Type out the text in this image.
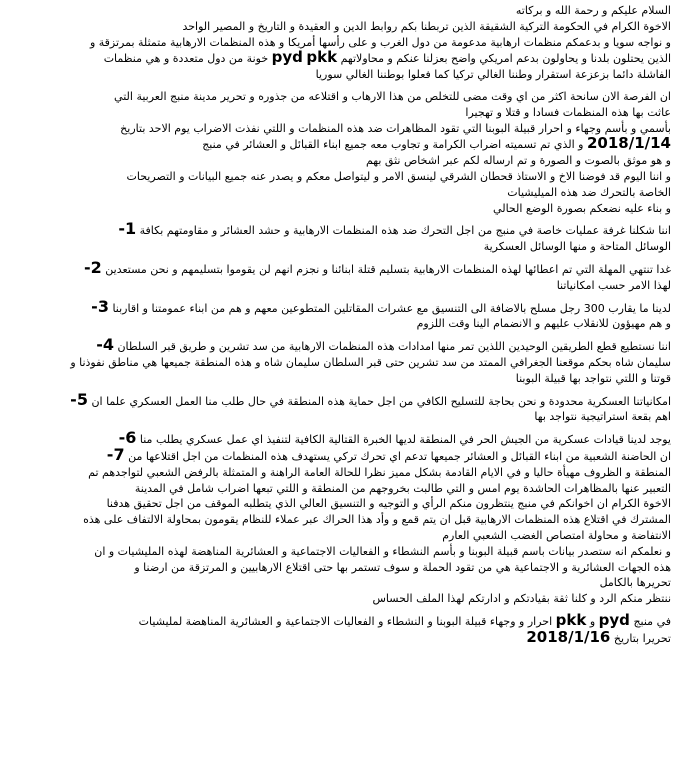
السلام عليكم و رحمة الله و بركاته

الاخوة الكرام في الحكومة التركية الشقيقة الذين تربطنا بكم روابط الدين و العقيدة و التاريخ و المصير الواحد

و نواجه سويا و بدعمكم منظمات ارهابية مدعومة من دول الغرب و على رأسها أمريكا و هذه المنظمات الارهابية متمثلة بمرتزقة و

الذين يحتلون بلدنا و يحاولون بدعم امريكي واضح بعزلنا عنكم و محاولاتهم pyd pkk خونة من دول متعددة و هي منظمات

الفاشلة دائما بزعزعة استقرار وطننا الغالي تركيا كما فعلوا بوطننا الغالي سوريا

ان الفرصة الان سانحة اكثر من اي وقت مضى للتخلص من هذا الارهاب و اقتلاعه من جذوره و تحرير مدينة منبج العربية التي

عاثت بها هذه المنظمات فسادا و قتلا و تهجيرا

بأسمي و بأسم وجهاء و احرار قبيلة البوبنا التي تقود المظاهرات ضد هذه المنظمات و اللتي نفذت الاضراب يوم الاحد بتاريخ

2018/1/14 و الذي تم تسميته اضراب الكرامة و تجاوب معه جميع ابناء القبائل و العشائر في منبج

و هو موثق بالصوت و الصورة و تم ارساله لكم عبر اشخاص نثق بهم

و اننا اليوم قد فوضنا الاخ و الاستاذ قحطان الشرقي لينسق الامر و ليتواصل معكم و يصدر عنه جميع البيانات و التصريحات

الخاصة بالتحرك ضد هذه الميليشيات

و بناء عليه نضعكم بصورة الوضع الحالي

اننا شكلنا غرفة عمليات خاصة في منبج من اجل التحرك ضد هذه المنظمات الارهابية و حشد العشائر و مقاومتهم بكافة 1-

الوسائل المتاحة و منها الوسائل العسكرية

غدا تنتهي المهلة التي تم اعطائها لهذه المنظمات الارهابية بتسليم قتلة ابنائنا و نجزم انهم لن يقوموا بتسليمهم و نحن مستعدين 2-

لهذا الامر حسب امكانياتنا

لدينا ما يقارب 300 رجل مسلح بالاضافة الى التنسيق مع عشرات المقاتلين المتطوعين معهم و هم من ابناء عمومتنا و اقاربنا 3-

و هم مهيؤون للانقلاب عليهم و الانضمام الينا وقت اللزوم

اننا نستطيع قطع الطريقين الوحيدين اللذين تمر منها امدادات هذه المنظمات الارهابية من سد تشرين و طريق قبر السلطان 4-

سليمان شاه بحكم موقعنا الجغرافي الممتد من سد تشرين حتى قبر السلطان سليمان شاه و هذه المنطقة جميعها هي مناطق نفوذنا و

قوتنا و اللتي نتواجد بها قبيلة البوبنا

امكانياتنا العسكرية محدودة و نحن بحاجة للتسليح الكافي من اجل حماية هذه المنطقة في حال طلب منا العمل العسكري علما ان 5-

اهم بقعة استراتيجية نتواجد بها

يوجد لدينا قيادات عسكرية من الجيش الحر في المنطقة لديها الخبرة القتالية الكافية لتنفيذ اي عمل عسكري يطلب منا 6-

ان الحاضنة الشعبية من ابناء القبائل و العشائر جميعها تدعم اي تحرك تركي يستهدف هذه المنظمات من اجل اقتلاعها من 7-

المنطقة و الظروف مهيأة حاليا و في الايام القادمة بشكل مميز نظرا للحالة العامة الراهنة و المتمثلة بالرفض الشعبي لتواجدهم تم

التعبير عنها بالمظاهرات الحاشدة يوم امس و التي طالبت بخروجهم من المنطقة و اللتي تبعها اضراب شامل في المدينة

الاخوة الكرام ان اخوانكم في منبج ينتظرون منكم الرأي و التوجيه و التنسيق العالي الذي يتطلبه الموقف من اجل تحقيق هدفنا

المشترك في اقتلاع هذه المنظمات الارهابية قبل ان يتم قمع و وأد هذا الحراك عبر عملاء للنظام يقومون بمحاولة الالتفاف على هذه

الانتفاضة و محاولة امتصاص الغضب الشعبي العارم

و نعلمكم انه ستصدر بيانات باسم قبيلة البوبنا و بأسم النشطاء و الفعاليات الاجتماعية و العشائرية المناهضة لهذه المليشيات و ان

هذه الجهات العشائرية و الاجتماعية هي من تقود الحملة و سوف تستمر بها حتى اقتلاع الارهابيين و المرتزقة من ارضنا و

تحريرها بالكامل

ننتظر منكم الرد و كلنا ثقة بقيادتكم و ادارتكم لهذا الملف الحساس

في منبج pyd و pkk احرار و وجهاء قبيلة البوبنا و النشطاء و الفعاليات الاجتماعية و العشائرية المناهضة لمليشيات

تحريرا بتاريخ 2018/1/16
